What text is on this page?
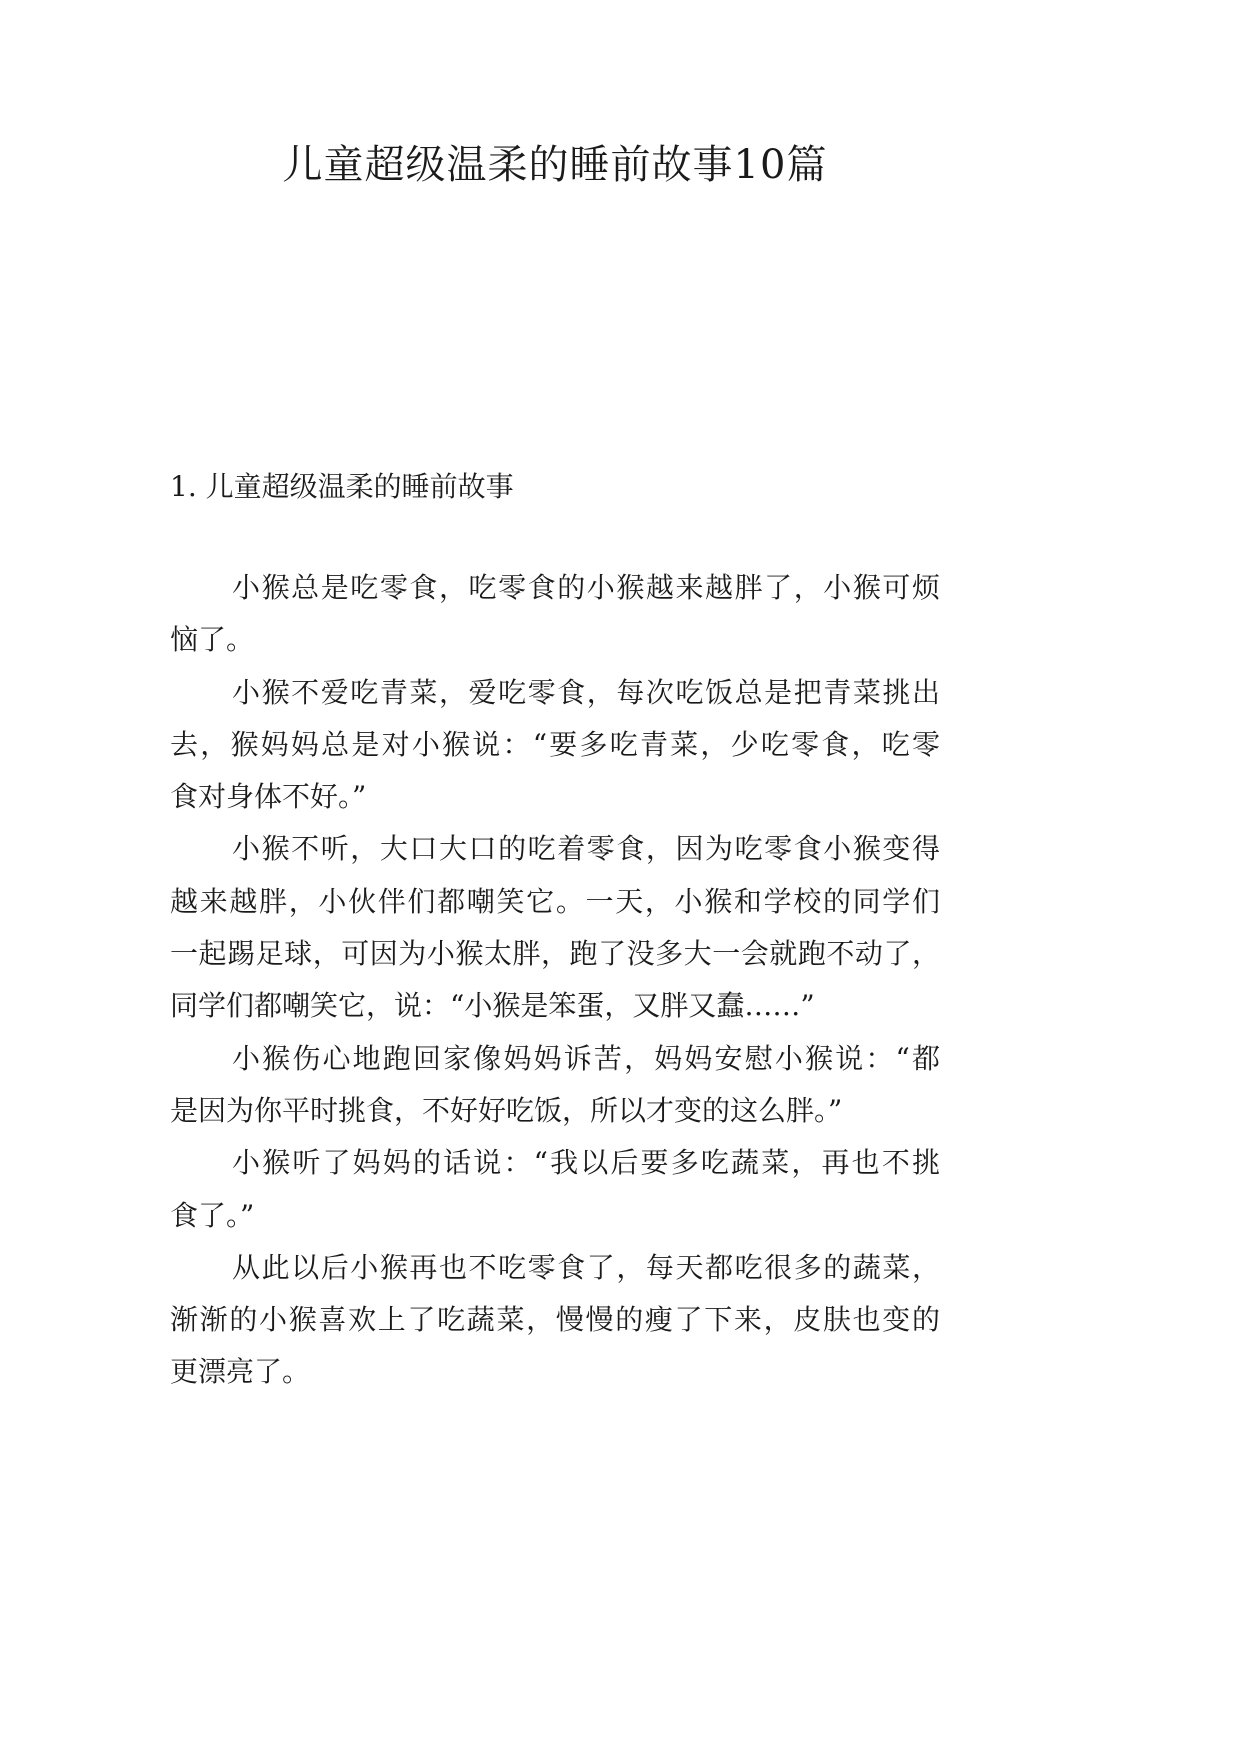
儿童超级温柔的睡前故事10篇
1. 儿童超级温柔的睡前故事
小猴总是吃零食，吃零食的小猴越来越胖了，小猴可烦
恼了。
小猴不爱吃青菜，爱吃零食，每次吃饭总是把青菜挑出
去，猴妈妈总是对小猴说：“要多吃青菜，少吃零食，吃零
食对身体不好。”
小猴不听，大口大口的吃着零食，因为吃零食小猴变得
越来越胖，小伙伴们都嘲笑它。一天，小猴和学校的同学们
一起踢足球，可因为小猴太胖，跑了没多大一会就跑不动了，
同学们都嘲笑它，说：“小猴是笨蛋，又胖又蠢……”
小猴伤心地跑回家像妈妈诉苦，妈妈安慰小猴说：“都
是因为你平时挑食，不好好吃饭，所以才变的这么胖。”
小猴听了妈妈的话说：“我以后要多吃蔬菜，再也不挑
食了。”
从此以后小猴再也不吃零食了，每天都吃很多的蔬菜，
渐渐的小猴喜欢上了吃蔬菜，慢慢的瘦了下来，皮肤也变的
更漂亮了。
